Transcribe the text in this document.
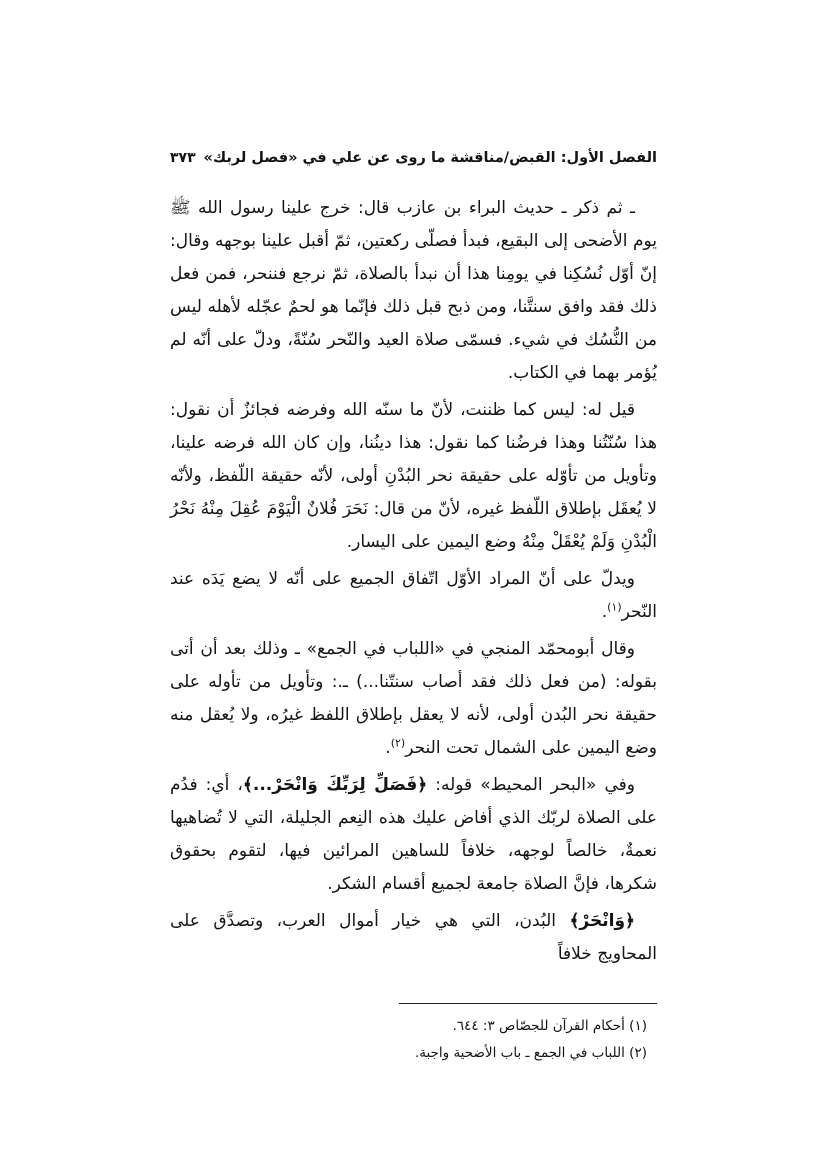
الفصل الأول: القبض/مناقشة ما روى عن علي في «فصل لربك»
٣٧٣

ـ ثم ذكر ـ حديث البراء بن عازب قال: خرج علينا رسول الله ﷺ يوم الأضحى إلى البقيع، فبدأ فصلّى ركعتين، ثمّ أقبل علينا بوجهه وقال: إنّ أوّل نُسُكِنا في يومِنا هذا أن نبدأ بالصلاة، ثمّ نرجع فننحر، فمن فعل ذلك فقد وافق سنتَّنا، ومن ذبح قبل ذلك فإنّما هو لحمٌ عجّله لأهله ليس من النُّسُك في شيء. فسمّى صلاة العيد والنّحر سُنّةً، ودلّ على أنّه لم يُؤمر بهما في الكتاب.

قيل له: ليس كما ظننت، لأنّ ما سنّه الله وفرضه فجائزٌ أن نقول: هذا سُنّتُنا وهذا فرضُنا كما نقول: هذا دينُنا، وإن كان الله فرضه علينا، وتأويل من تأوّله على حقيقة نحر البُدْنِ أولى، لأنّه حقيقة اللّفظ، ولأنّه لا يُعقَل بإطلاق اللّفظ غيره، لأنّ من قال: نَحَرَ فُلانٌ الْيَوْمَ عُقِلَ مِنْهُ نَحْرُ الْبُدْنِ وَلَمْ يُعْقَلْ مِنْهُ وضع اليمين على اليسار.

ويدلّ على أنّ المراد الأوّل اتّفاق الجميع على أنّه لا يضع يَدَه عند النّحر$^{(١)}$.

وقال أبومحمّد المنجي في «اللباب في الجمع» ـ وذلك بعد أن أتى بقوله: (من فعل ذلك فقد أصاب سنتّنا...) ـ.: وتأويل من تأوله على حقيقة نحر البُدن أولى، لأنه لا يعقل بإطلاق اللفظ غيرُه، ولا يُعقل منه وضع اليمين على الشمال تحت النحر$^{(٢)}$.

وفي «البحر المحيط» قوله: ﴿فَصَلِّ لِرَبِّكَ وَانْحَرْ...﴾، أي: فدُم على الصلاة لربّك الذي أفاض عليك هذه النِعم الجليلة، التي لا تُضاهيها نعمةٌ، خالصاً لوجهه، خلافاً للساهين المرائين فيها، لتقوم بحقوق شكرها، فإنَّ الصلاة جامعة لجميع أقسام الشكر.

﴿وَانْحَرْ﴾ البُدن، التي هي خيار أموال العرب، وتصدَّق على المحاويج خلافاً

(١) أحكام القرآن للجصّاص ٣: ٦٤٤.

(٢) اللباب في الجمع ـ باب الأضحية واجبة.
